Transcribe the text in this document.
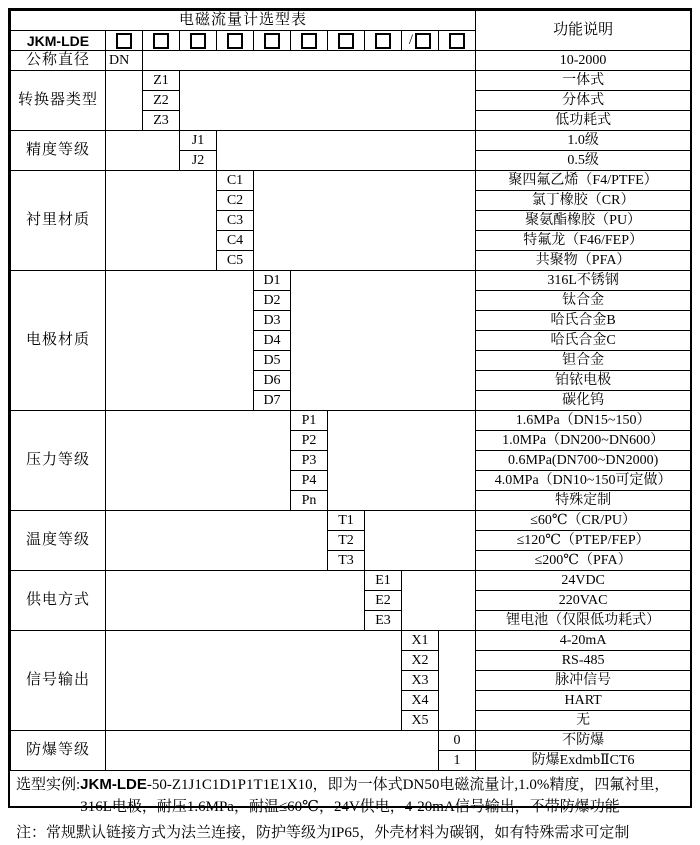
电磁流量计选型表											功能说明
JKM-LDE									/		
公称直径	DN										10-2000
转换器类型		Z1									一体式
		Z2									分体式
		Z3									低功耗式
精度等级			J1								1.0级
			J2								0.5级
衬里材质				C1							聚四氟乙烯（F4/PTFE）
				C2							氯丁橡胶（CR）
				C3							聚氨酯橡胶（PU）
				C4							特氟龙（F46/FEP）
				C5							共聚物（PFA）
电极材质					D1						316L不锈钢
					D2						钛合金
					D3						哈氏合金B
					D4						哈氏合金C
					D5						钽合金
					D6						铂铱电极
					D7						碳化钨
压力等级						P1					1.6MPa（DN15~150）
						P2					1.0MPa（DN200~DN600）
						P3					0.6MPa(DN700~DN2000)
						P4					4.0MPa（DN10~150可定做）
						Pn					特殊定制
温度等级							T1				≤60℃（CR/PU）
							T2				≤120℃（PTEP/FEP）
							T3				≤200℃（PFA）
供电方式								E1			24VDC
								E2			220VAC
								E3			锂电池（仅限低功耗式）
信号输出									X1		4-20mA
									X2		RS-485
									X3		脉冲信号
									X4		HART
									X5		无
防爆等级										0	不防爆
										1	防爆ExdmbⅡCT6
选型实例:JKM-LDE-50-Z1J1C1D1P1T1E1X10，即为一体式DN50电磁流量计,1.0%精度，四氟衬里，
316L电极，耐压1.6MPa，耐温≤60℃，24V供电，4-20mA信号输出，不带防爆功能
注：常规默认链接方式为法兰连接，防护等级为IP65，外壳材料为碳钢，如有特殊需求可定制
